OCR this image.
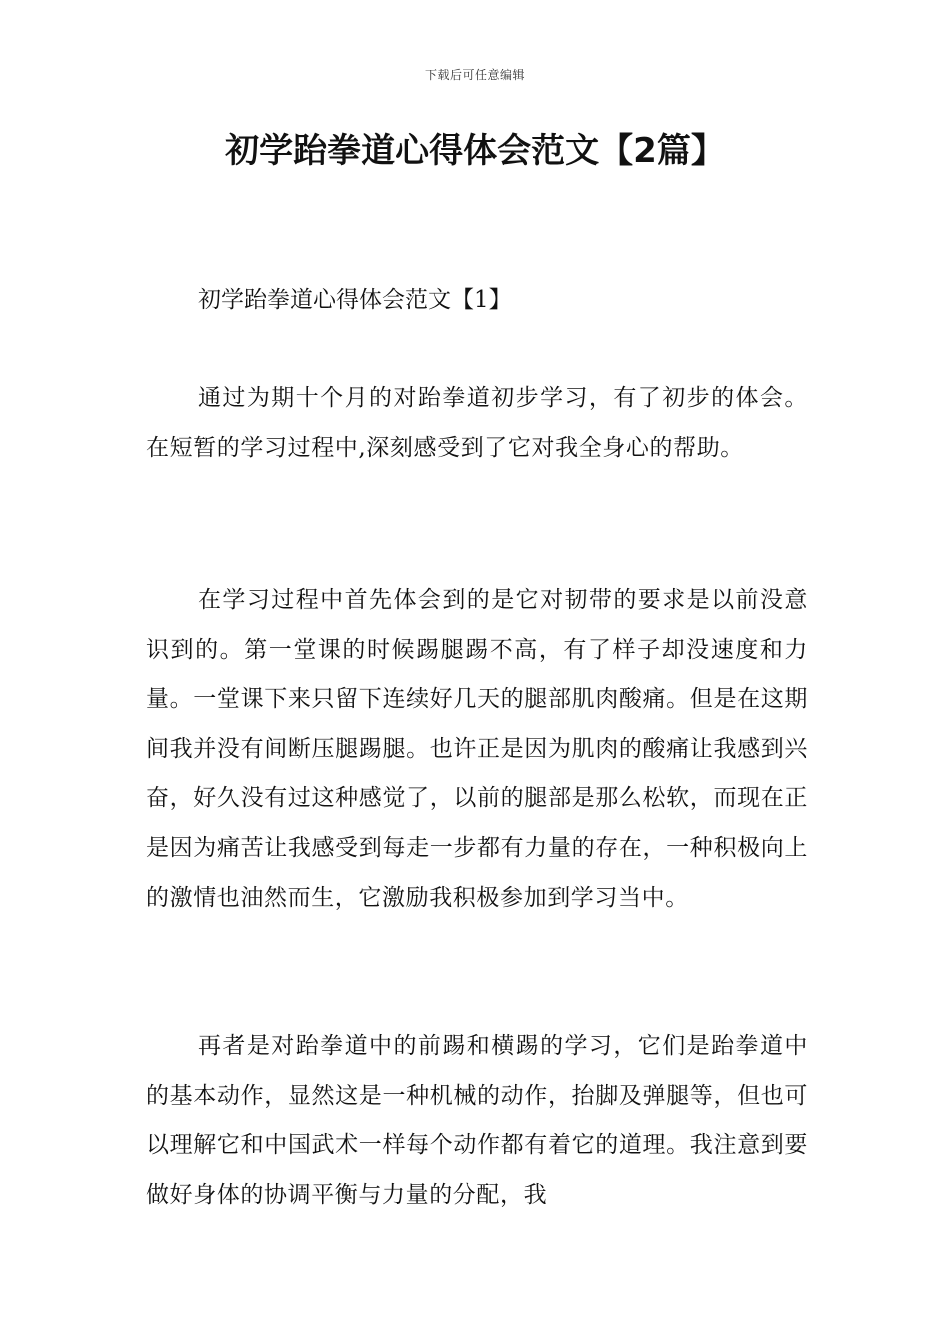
下载后可任意编辑
初学跆拳道心得体会范文【2篇】

初学跆拳道心得体会范文【1】

通过为期十个月的对跆拳道初步学习，有了初步的体会。在短暂的学习过程中,深刻感受到了它对我全身心的帮助。

在学习过程中首先体会到的是它对韧带的要求是以前没意识到的。第一堂课的时候踢腿踢不高，有了样子却没速度和力量。一堂课下来只留下连续好几天的腿部肌肉酸痛。但是在这期间我并没有间断压腿踢腿。也许正是因为肌肉的酸痛让我感到兴奋，好久没有过这种感觉了，以前的腿部是那么松软，而现在正是因为痛苦让我感受到每走一步都有力量的存在，一种积极向上的激情也油然而生，它激励我积极参加到学习当中。

再者是对跆拳道中的前踢和横踢的学习，它们是跆拳道中的基本动作，显然这是一种机械的动作，抬脚及弹腿等，但也可以理解它和中国武术一样每个动作都有着它的道理。我注意到要做好身体的协调平衡与力量的分配，我
